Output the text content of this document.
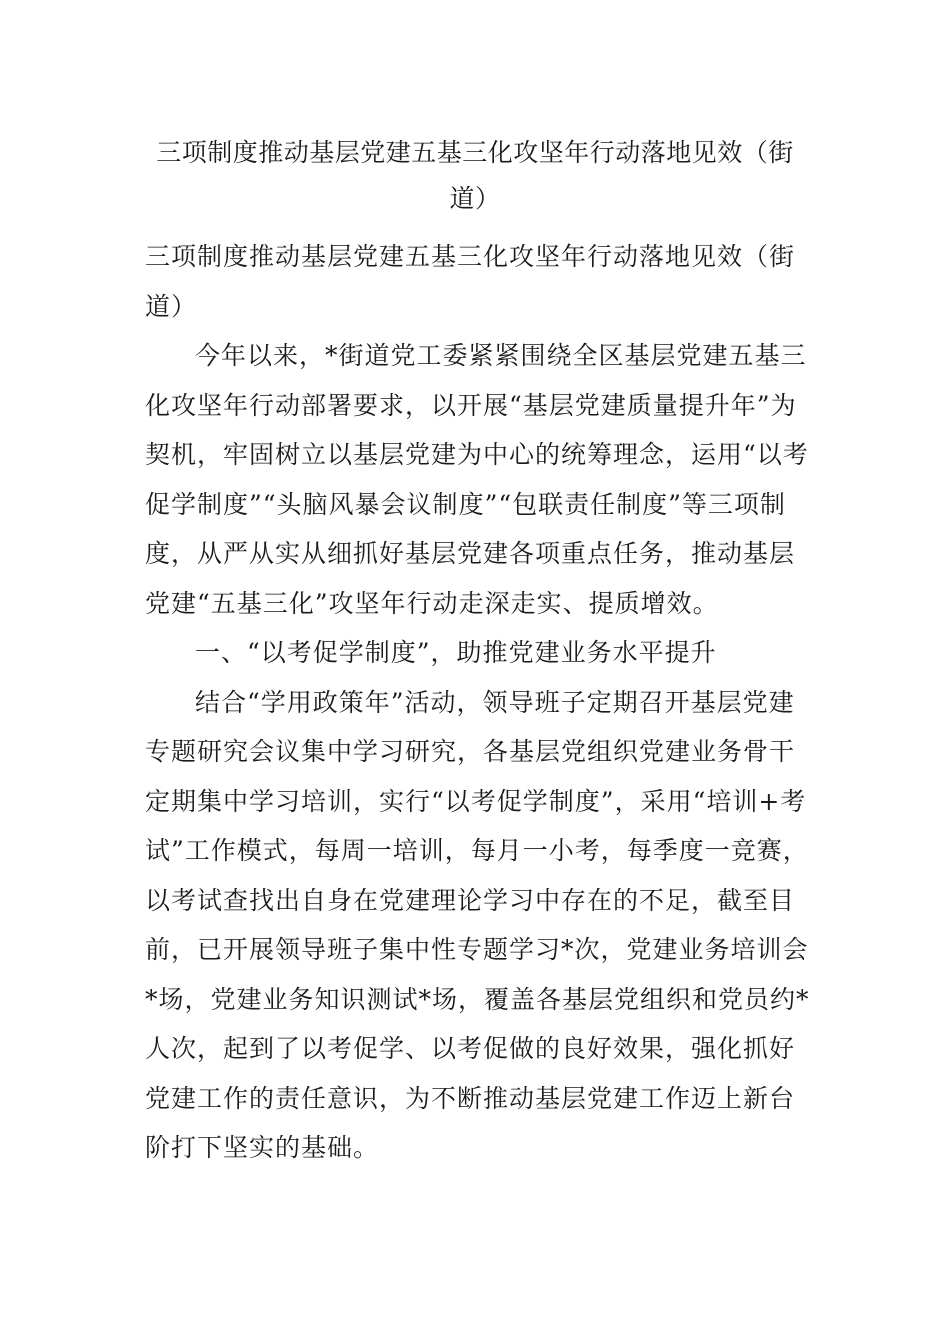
三项制度推动基层党建五基三化攻坚年行动落地见效（街道）

三项制度推动基层党建五基三化攻坚年行动落地见效（街道）

今年以来，*街道党工委紧紧围绕全区基层党建五基三化攻坚年行动部署要求，以开展“基层党建质量提升年”为契机，牢固树立以基层党建为中心的统筹理念，运用“以考促学制度”“头脑风暴会议制度”“包联责任制度”等三项制度，从严从实从细抓好基层党建各项重点任务，推动基层党建“五基三化”攻坚年行动走深走实、提质增效。

一、“以考促学制度”，助推党建业务水平提升

结合“学用政策年”活动，领导班子定期召开基层党建专题研究会议集中学习研究，各基层党组织党建业务骨干定期集中学习培训，实行“以考促学制度”，采用“培训+考试”工作模式，每周一培训，每月一小考，每季度一竞赛，以考试查找出自身在党建理论学习中存在的不足，截至目前，已开展领导班子集中性专题学习*次，党建业务培训会*场，党建业务知识测试*场，覆盖各基层党组织和党员约*人次，起到了以考促学、以考促做的良好效果，强化抓好党建工作的责任意识，为不断推动基层党建工作迈上新台阶打下坚实的基础。
